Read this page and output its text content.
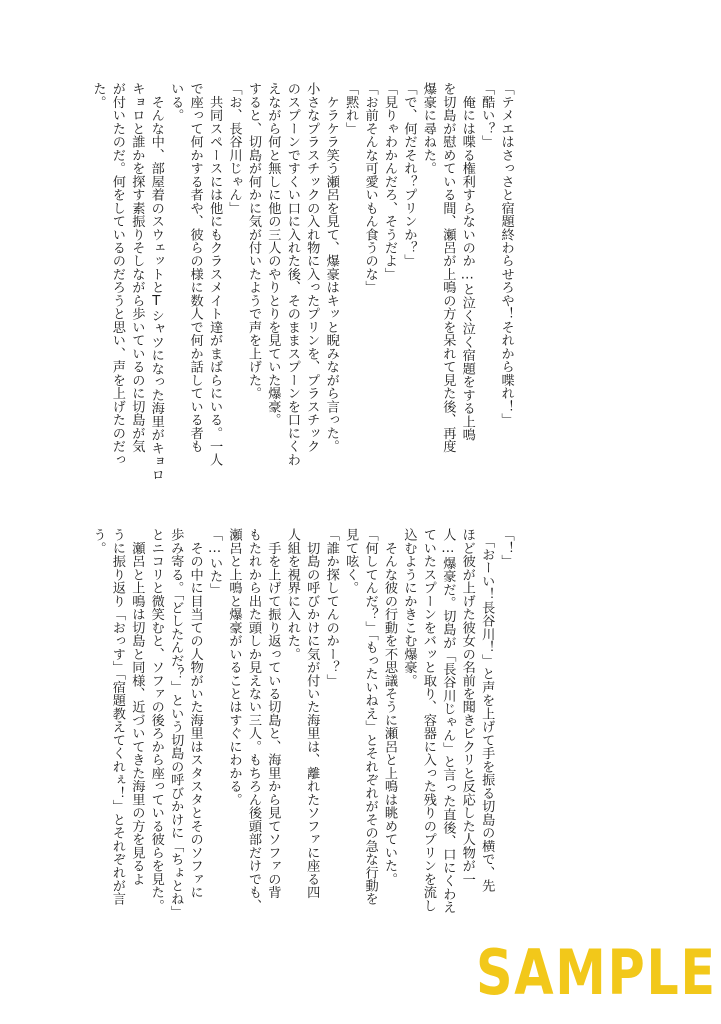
「テメエはさっさと宿題終わらせろや！それから喋れ！」
「酷い？」
　俺には喋る権利すらないのか…と泣く泣く宿題をする上鳴
を切島が慰めている間、瀬呂が上鳴の方を呆れて見た後、再度
爆豪に尋ねた。
「で、何だそれ？プリンか？」
「見りゃわかんだろ、そうだよ」
「お前そんな可愛いもん食うのな」
「黙れ」
　ケラケラ笑う瀬呂を見て、爆豪はキッと睨みながら言った。
小さなプラスチックの入れ物に入ったプリンを、プラスチック
のスプーンですくい口に入れた後、そのままスプーンを口にくわ
えながら何と無しに他の三人のやりとりを見ていた爆豪。
すると、切島が何かに気が付いたようで声を上げた。
「お、長谷川じゃん」
　共同スペースには他にもクラスメイト達がまばらにいる。一人
で座って何かする者や、彼らの様に数人で何か話している者も
いる。
　そんな中、部屋着のスウェットとTシャツになった海里がキョロ
キョロと誰かを探す素振りそしながら歩いているのに切島が気
が付いたのだ。何をしているのだろうと思い、声を上げたのだっ
た。
「！」
　「おーい！長谷川！」と声を上げて手を振る切島の横で、先
ほど彼が上げた彼女の名前を聞きビクリと反応した人物が一
人…爆豪だ。切島が「長谷川じゃん」と言った直後、口にくわえ
ていたスプーンをバッと取り、容器に入った残りのプリンを流し
込むようにかきこむ爆豪。
　そんな彼の行動を不思議そうに瀬呂と上鳴は眺めていた。
「何してんだ？」「もったいねえ」とそれぞれがその急な行動を
見て呟く。
「誰か探してんのかー？」
　切島の呼びかけに気が付いた海里は、離れたソファに座る四
人組を視界に入れた。
　手を上げて振り返っている切島と、海里から見てソファの背
もたれから出た頭しか見えない三人。もちろん後頭部だけでも、
瀬呂と上鳴と爆豪がいることはすぐにわかる。
「…いた」
　その中に目当ての人物がいた海里はスタスタとそのソファに
歩み寄る。「どしたんだ？」という切島の呼びかけに「ちょとね」
とニコリと微笑むと、ソファの後ろから座っている彼らを見た。
　瀬呂と上鳴は切島と同様、近づいてきた海里の方を見るよ
うに振り返り「おっす」「宿題教えてくれぇ！」とそれぞれが言
う。
SAMPLE
